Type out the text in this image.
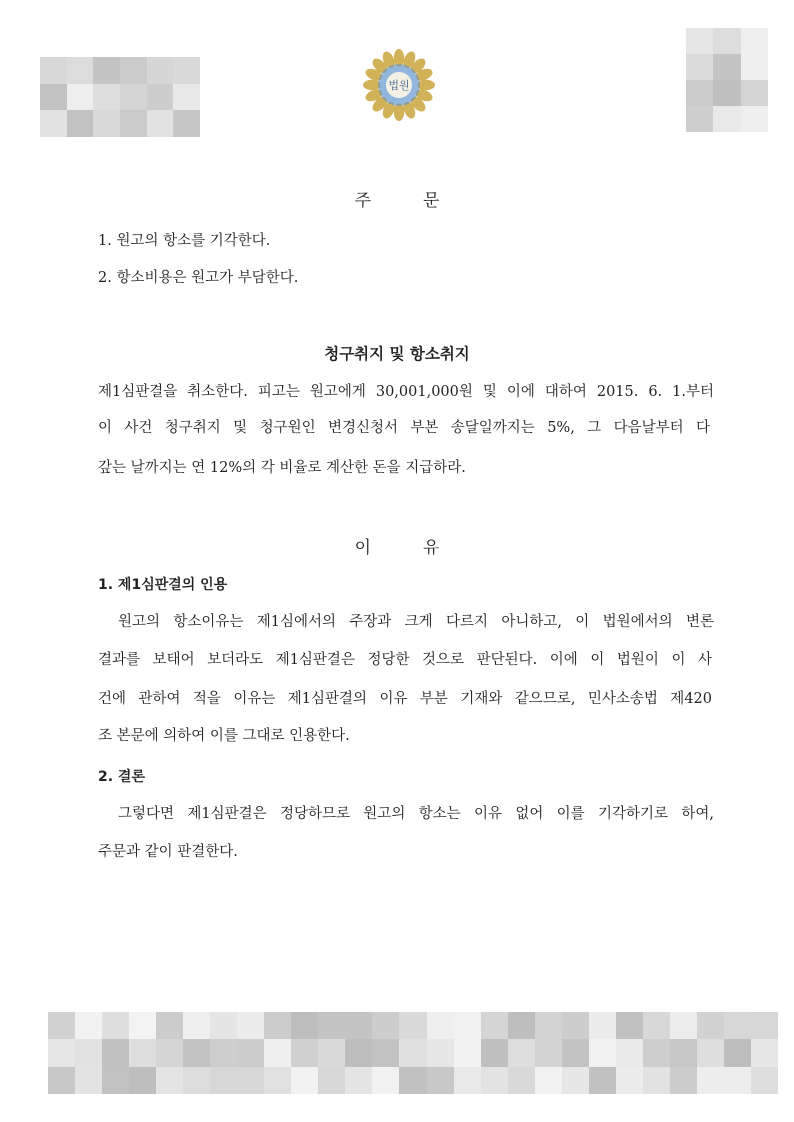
법원
주	문
1. 원고의 항소를 기각한다.
2. 항소비용은 원고가 부담한다.
청구취지 및 항소취지
제1심판결을 취소한다. 피고는 원고에게 30,001,000원 및 이에 대하여 2015. 6. 1.부터
이 사건 청구취지 및 청구원인 변경신청서 부본 송달일까지는 5%, 그 다음날부터 다
갚는 날까지는 연 12%의 각 비율로 계산한 돈을 지급하라.
이	유
1. 제1심판결의 인용
원고의 항소이유는 제1심에서의 주장과 크게 다르지 아니하고, 이 법원에서의 변론
결과를 보태어 보더라도 제1심판결은 정당한 것으로 판단된다. 이에 이 법원이 이 사
건에 관하여 적을 이유는 제1심판결의 이유 부분 기재와 같으므로, 민사소송법 제420
조 본문에 의하여 이를 그대로 인용한다.
2. 결론
그렇다면 제1심판결은 정당하므로 원고의 항소는 이유 없어 이를 기각하기로 하여,
주문과 같이 판결한다.
